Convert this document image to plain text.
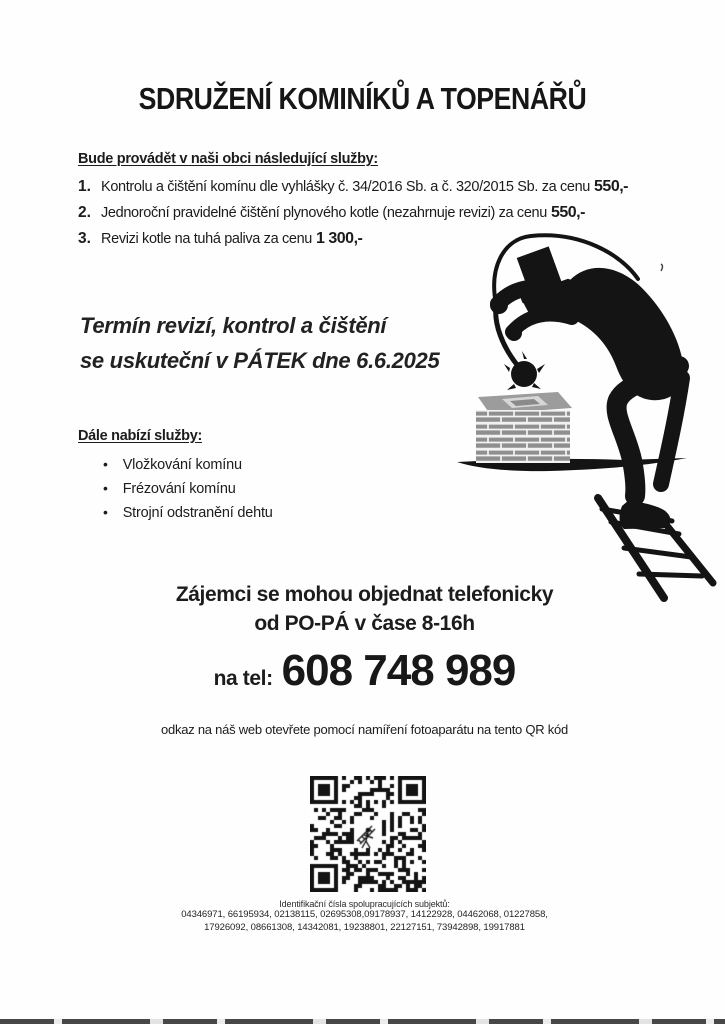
SDRUŽENÍ KOMINÍKŮ A TOPENÁŘŮ
Bude provádět v naši obci následující služby:
1. Kontrolu a čištění komínu dle vyhlášky č. 34/2016 Sb. a č. 320/2015 Sb. za cenu 550,-
2. Jednoroční pravidelné čištění plynového kotle (nezahrnuje revizi) za cenu 550,-
3. Revizi kotle na tuhá paliva za cenu 1 300,-
Termín revizí, kontrol a čištění
se uskuteční v PÁTEK dne 6.6.2025
Dále nabízí služby:
• Vložkování komínu
• Frézování komínu
• Strojní odstranění dehtu
Zájemci se mohou objednat telefonicky
od PO-PÁ v čase 8-16h
na tel: 608 748 989
odkaz na náš web otevřete pomocí namíření fotoaparátu na tento QR kód
Identifikační čísla spolupracujících subjektů:
04346971, 66195934, 02138115, 02695308,09178937, 14122928, 04462068, 01227858,
17926092, 08661308, 14342081, 19238801, 22127151, 73942898, 19917881
